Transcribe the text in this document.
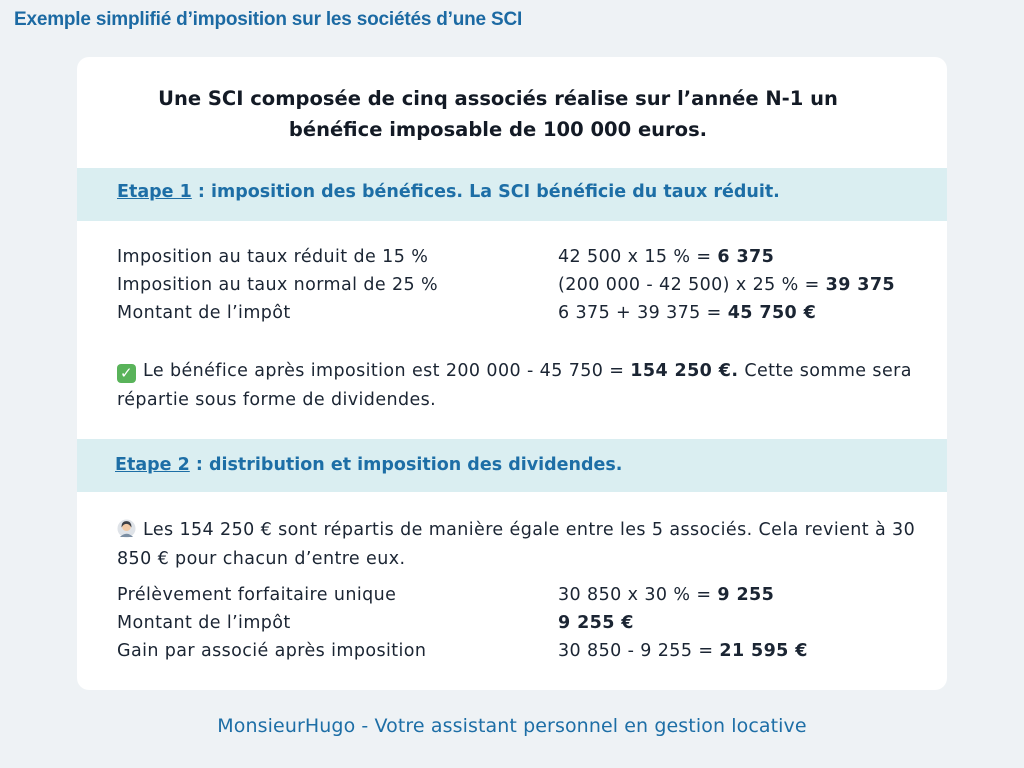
Exemple simplifié d’imposition sur les sociétés d’une SCI
Une SCI composée de cinq associés réalise sur l’année N-1 un
bénéfice imposable de 100 000 euros.
Etape 1 : imposition des bénéfices. La SCI bénéficie du taux réduit.
Imposition au taux réduit de 15 %	42 500 x 15 % = 6 375
Imposition au taux normal de 25 %	(200 000 - 42 500) x 25 % = 39 375
Montant de l’impôt	6 375 + 39 375 = 45 750 €
✓ Le bénéfice après imposition est 200 000 - 45 750 = 154 250 €. Cette somme sera répartie sous forme de dividendes.
Etape 2 : distribution et imposition des dividendes.
Les 154 250 € sont répartis de manière égale entre les 5 associés. Cela revient à 30 850 € pour chacun d’entre eux.
Prélèvement forfaitaire unique	30 850 x 30 % = 9 255
Montant de l’impôt	9 255 €
Gain par associé après imposition	30 850 - 9 255 = 21 595 €
MonsieurHugo - Votre assistant personnel en gestion locative
